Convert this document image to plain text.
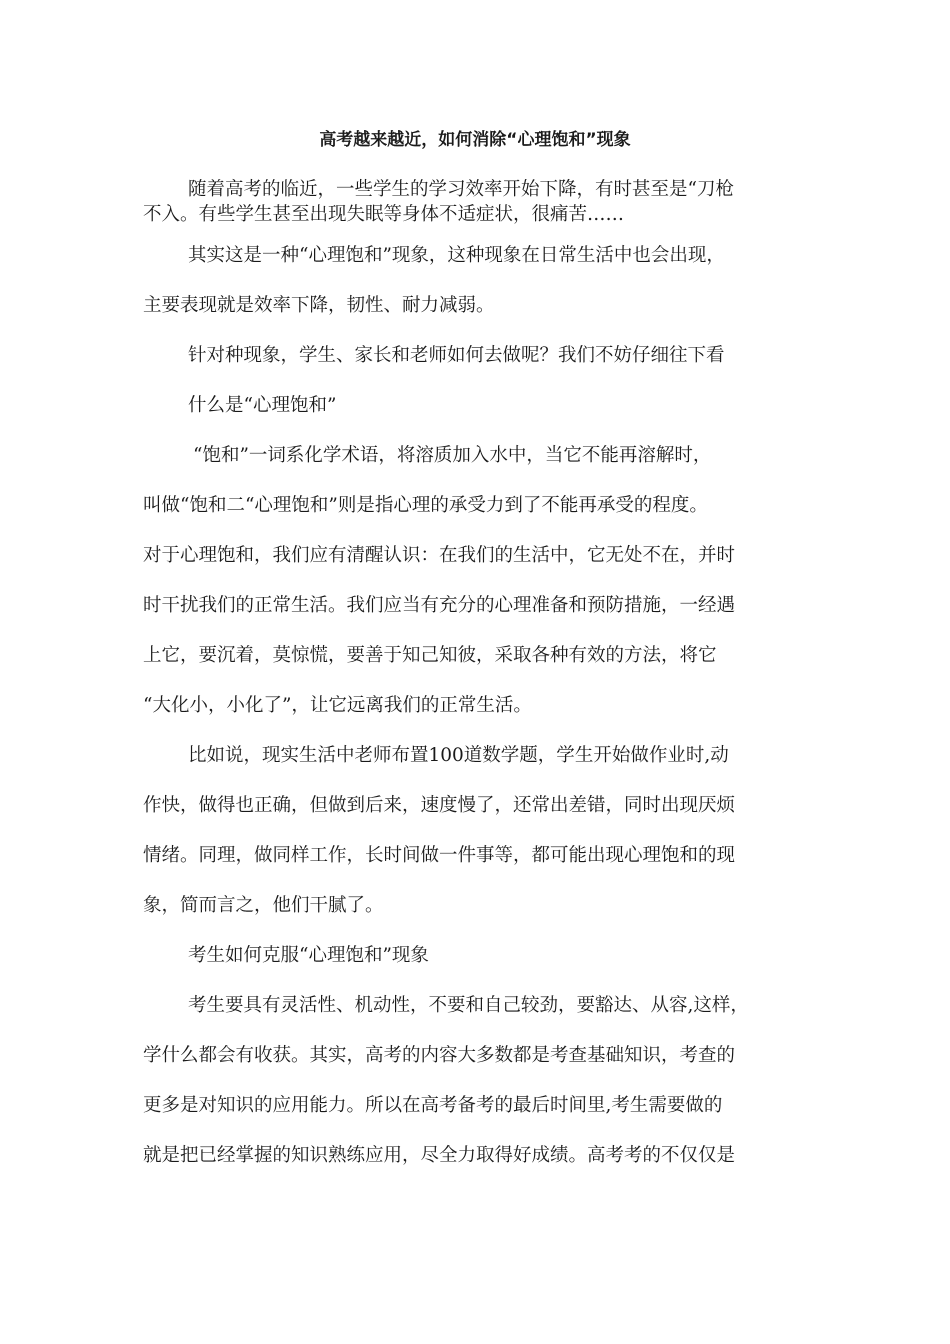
高考越来越近，如何消除“心理饱和”现象

随着高考的临近，一些学生的学习效率开始下降，有时甚至是“刀枪

不入。有些学生甚至出现失眠等身体不适症状，很痛苦……

其实这是一种“心理饱和”现象，这种现象在日常生活中也会出现，

主要表现就是效率下降，韧性、耐力减弱。

针对种现象，学生、家长和老师如何去做呢？我们不妨仔细往下看

什么是“心理饱和”

“饱和”一词系化学术语，将溶质加入水中，当它不能再溶解时，

叫做“饱和二“心理饱和”则是指心理的承受力到了不能再承受的程度。

对于心理饱和，我们应有清醒认识：在我们的生活中，它无处不在，并时

时干扰我们的正常生活。我们应当有充分的心理准备和预防措施，一经遇

上它，要沉着，莫惊慌，要善于知己知彼，采取各种有效的方法，将它

“大化小，小化了”，让它远离我们的正常生活。

比如说，现实生活中老师布置100道数学题，学生开始做作业时,动

作快，做得也正确，但做到后来，速度慢了，还常出差错，同时出现厌烦

情绪。同理，做同样工作，长时间做一件事等，都可能出现心理饱和的现

象，简而言之，他们干腻了。

考生如何克服“心理饱和”现象

考生要具有灵活性、机动性，不要和自己较劲，要豁达、从容,这样，

学什么都会有收获。其实，高考的内容大多数都是考查基础知识，考查的

更多是对知识的应用能力。所以在高考备考的最后时间里,考生需要做的

就是把已经掌握的知识熟练应用，尽全力取得好成绩。高考考的不仅仅是
